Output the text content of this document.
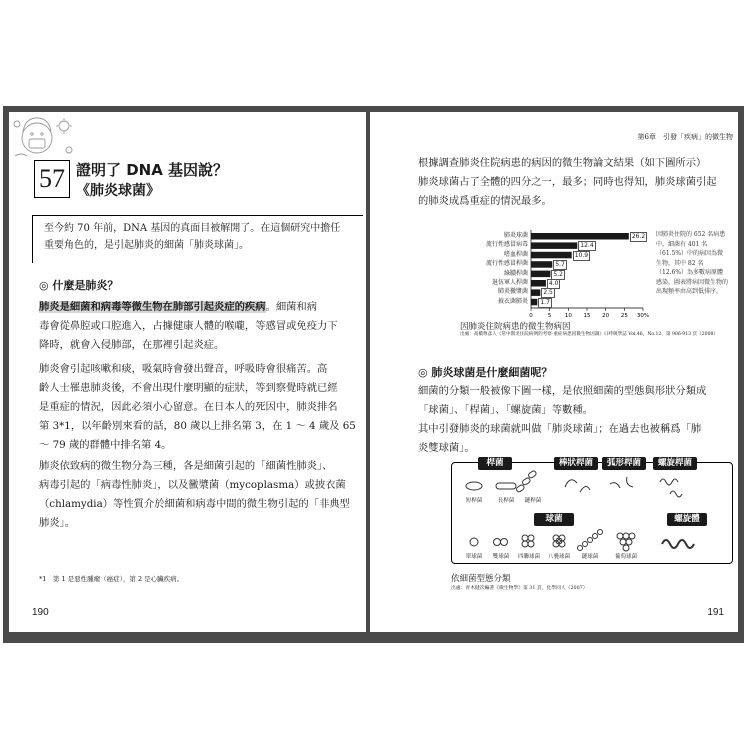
57 證明了 DNA 基因說？
《肺炎球菌》

至今約 70 年前，DNA 基因的真面目被解開了。在這個研究中擔任

重要角色的，是引起肺炎的細菌「肺炎球菌」。

◎ 什麼是肺炎？

肺炎是細菌和病毒等微生物在肺部引起炎症的疾病。細菌和病

毒會從鼻腔或口腔進入，占據健康人體的喉嚨，等感冒或免疫力下

降時，就會入侵肺部，在那裡引起炎症。

肺炎會引起咳嗽和痰，吸氣時會發出聲音，呼吸時會很痛苦。高

齡人士罹患肺炎後，不會出現什麼明顯的症狀，等到察覺時就已經

是重症的情況，因此必須小心留意。在日本人的死因中，肺炎排名

第 3*1，以年齡別來看的話，80 歲以上排名第 3，在 1 ～ 4 歲及 65

～ 79 歲的群體中排名第 4。

肺炎依致病的微生物分為三種，各是細菌引起的「細菌性肺炎」、

病毒引起的「病毒性肺炎」，以及黴漿菌（mycoplasma）或披衣菌

（chlamydia）等性質介於細菌和病毒中間的微生物引起的「非典型

肺炎」。

*1　第 1 是惡性腫瘤（癌症），第 2 是心臟疾病。
190
第6章　引發「疾病」的微生物

根據調查肺炎住院病患的病因的微生物論文結果（如下圖所示）

肺炎球菌占了全體的四分之一，最多；同時也得知，肺炎球菌引起

的肺炎成爲重症的情況最多。

0	5 10 15 20 25 30%
肺炎球菌	26.2
流行性感冒病毒	12.4
嗜血桿菌	10.9
流行性感冒桿菌	5.7
綠膿桿菌	5.2
退伍軍人桿菌	4.0
肺炎黴漿菌	2.5
披衣菌肺炎	1.7
因肺炎住院的 652 名病患中，細菌有 401 名（61.5%）中的病因為微生物，其中 82 名（12.6%）為多數病原體感染。圖表將病因微生物的出現頻率由高到低排序。
因肺炎住院病患的微生物病因
出處：高橋尊彥人《常中期炎住院病例的考察·重症病患因微生物因調》日呼吸學誌 Vol.46，No.12，第 906-913 頁（2008）
◎ 肺炎球菌是什麼細菌呢？

細菌的分類一般被像下圖一樣，是依照細菌的型態與形狀分類成

「球菌」、「桿菌」、「螺旋菌」等數種。

其中引發肺炎的球菌就叫做「肺炎球菌」；在過去也被稱爲「肺

炎雙球菌」。

桿菌	棒狀桿菌	弧形桿菌	螺旋桿菌
球菌	螺旋體
短桿菌	長桿菌	鏈桿菌
單球菌	雙球菌	四聯球菌	八疊球菌	鏈球菌	葡萄球菌
依細菌型態分類
出處：青木健次編著《微生物學》第 31 頁，化學同人（2007）
191
